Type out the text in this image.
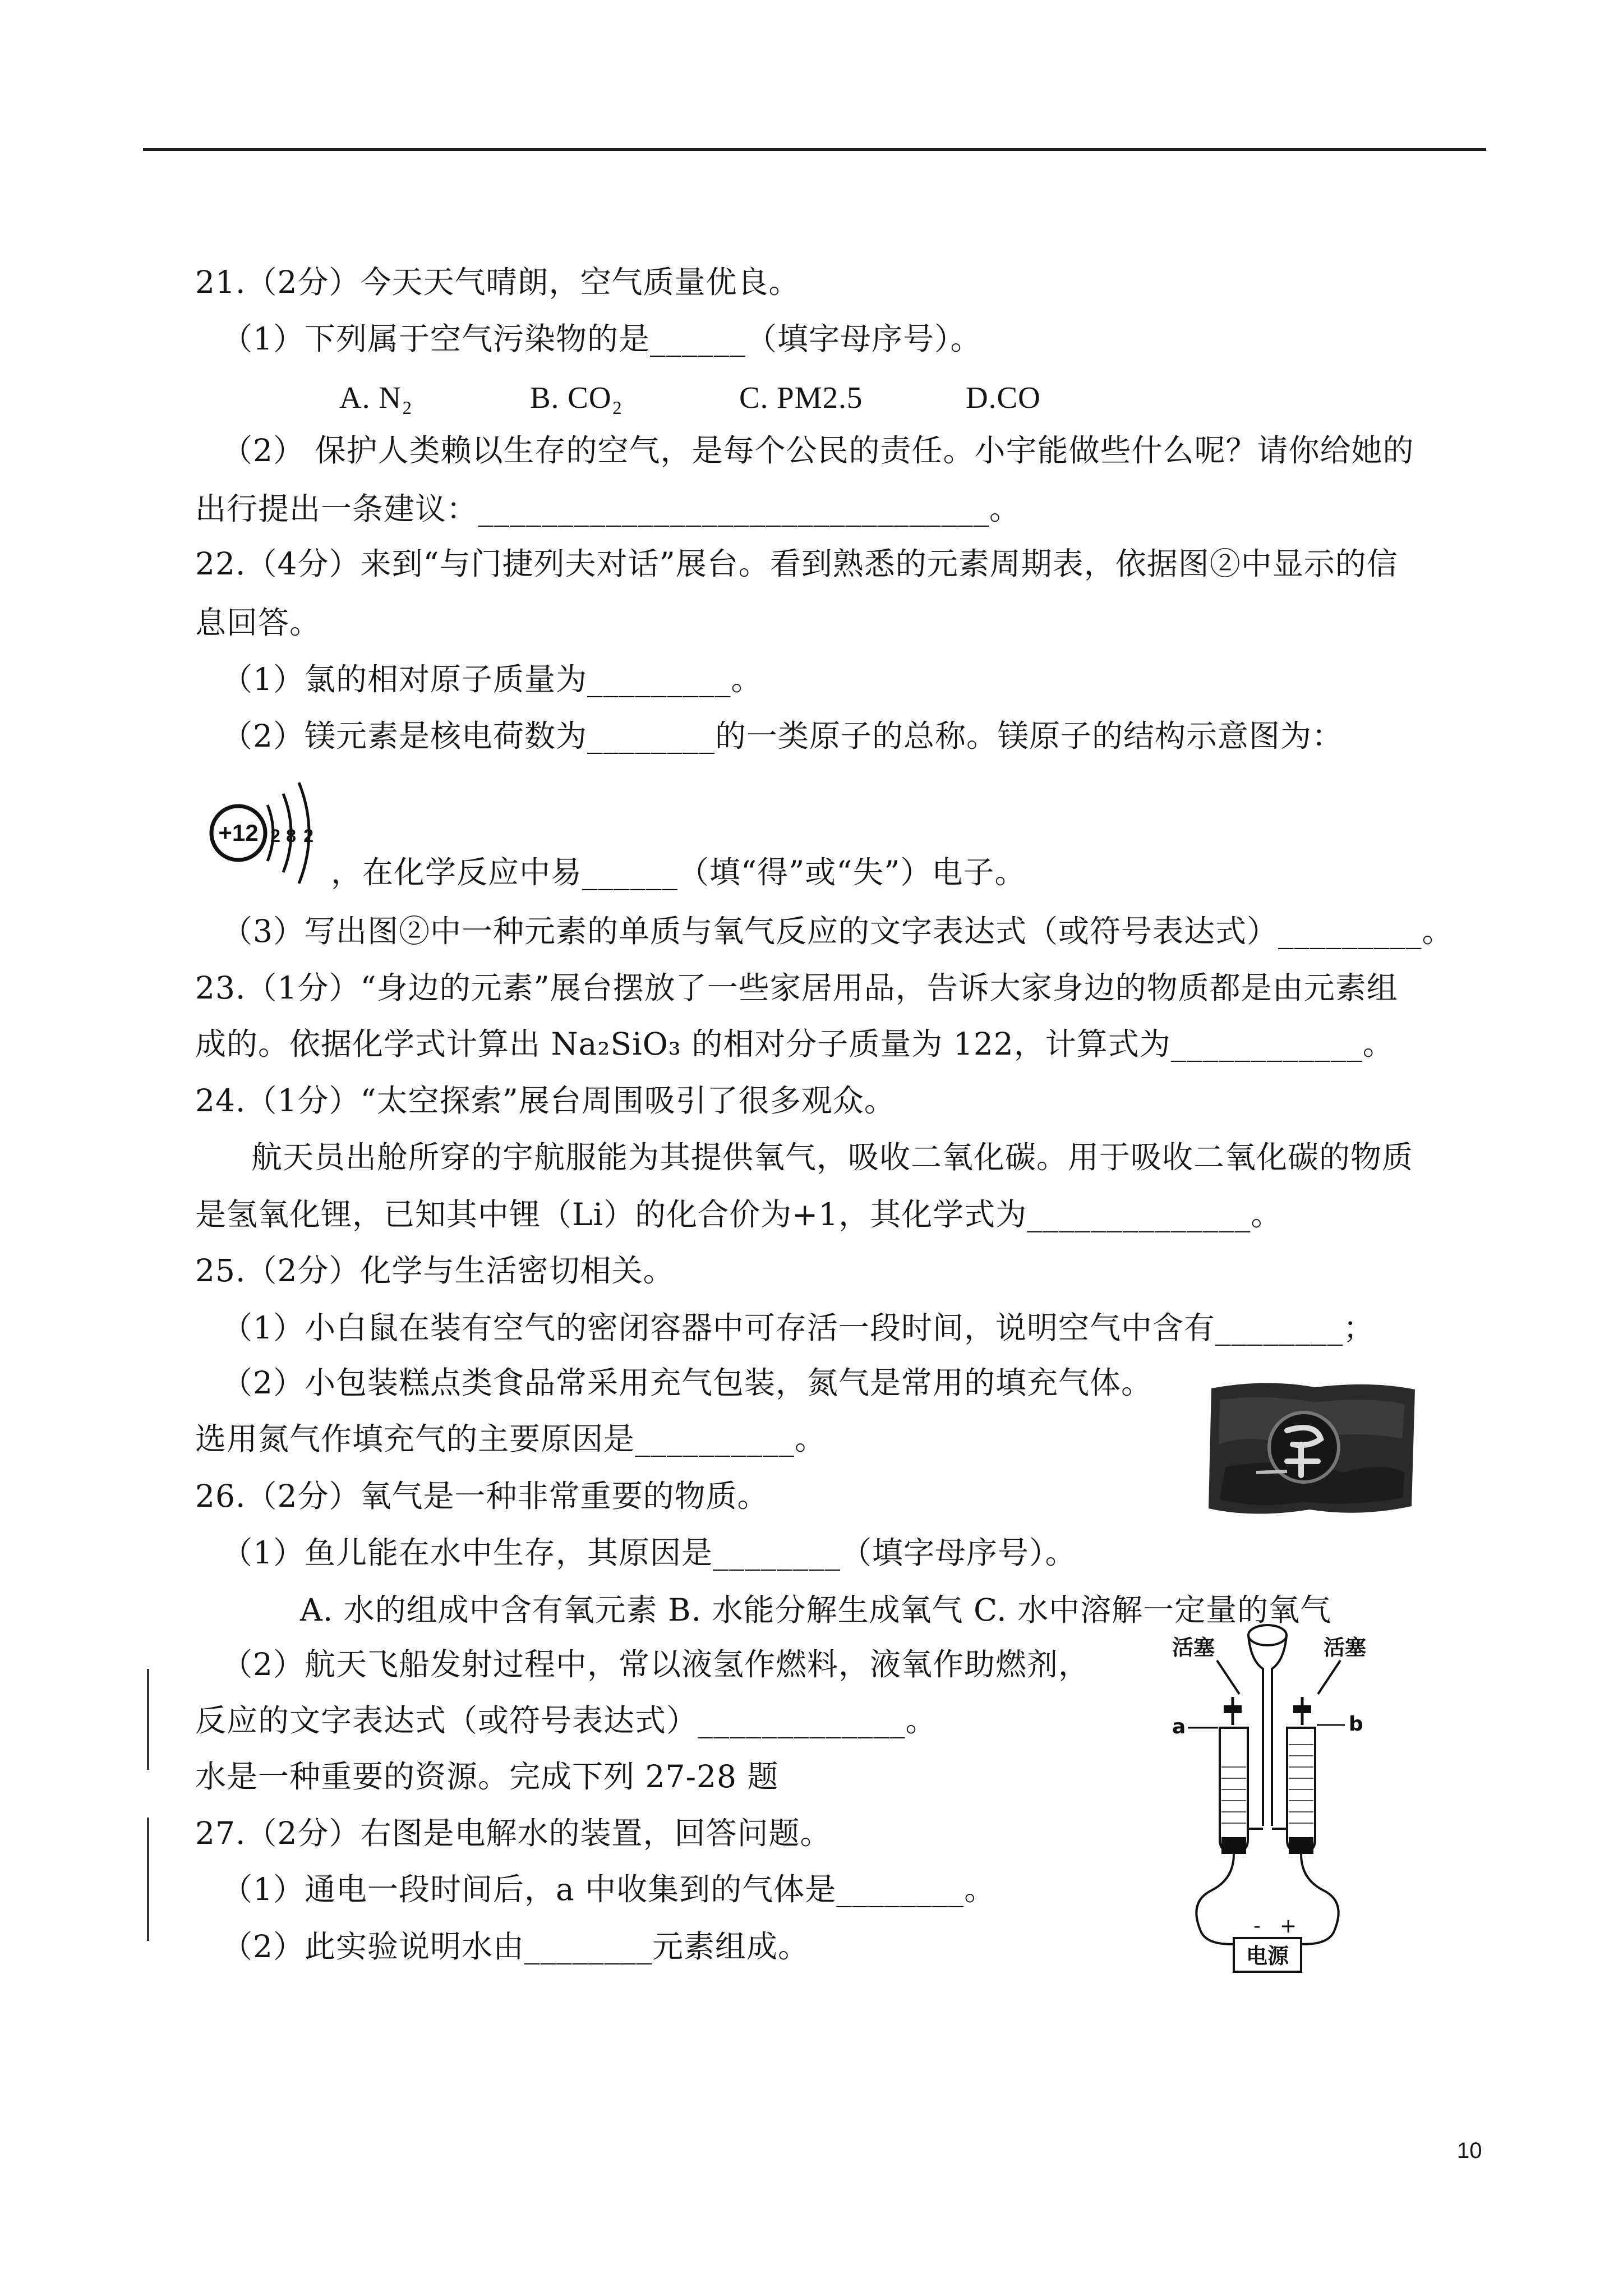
21.（2分）今天天气晴朗，空气质量优良。
（1）下列属于空气污染物的是______（填字母序号）。
A. N₂	B. CO₂	C. PM2.5	D.CO
（2） 保护人类赖以生存的空气，是每个公民的责任。小宇能做些什么呢？请你给她的
出行提出一条建议：________________________________。
22.（4分）来到“与门捷列夫对话”展台。看到熟悉的元素周期表，依据图②中显示的信
息回答。
（1）氯的相对原子质量为_________。
（2）镁元素是核电荷数为________的一类原子的总称。镁原子的结构示意图为：
+12 2 8 2
，在化学反应中易______（填“得”或“失”）电子。
（3）写出图②中一种元素的单质与氧气反应的文字表达式（或符号表达式）_________。
23.（1分）“身边的元素”展台摆放了一些家居用品，告诉大家身边的物质都是由元素组
成的。依据化学式计算出 Na₂SiO₃ 的相对分子质量为 122，计算式为____________。
24.（1分）“太空探索”展台周围吸引了很多观众。
航天员出舱所穿的宇航服能为其提供氧气，吸收二氧化碳。用于吸收二氧化碳的物质
是氢氧化锂，已知其中锂（Li）的化合价为+1，其化学式为______________。
25.（2分）化学与生活密切相关。
（1）小白鼠在装有空气的密闭容器中可存活一段时间，说明空气中含有________；
（2）小包装糕点类食品常采用充气包装，氮气是常用的填充气体。
选用氮气作填充气的主要原因是__________。
26.（2分）氧气是一种非常重要的物质。
（1）鱼儿能在水中生存，其原因是________（填字母序号）。
A. 水的组成中含有氧元素 B. 水能分解生成氧气 C. 水中溶解一定量的氧气
（2）航天飞船发射过程中，常以液氢作燃料，液氧作助燃剂，
反应的文字表达式（或符号表达式）_____________。
水是一种重要的资源。完成下列 27-28 题
27.（2分）右图是电解水的装置，回答问题。
（1）通电一段时间后，a 中收集到的气体是________。
（2）此实验说明水由________元素组成。
活塞	活塞
a	b
- +
电源
10
